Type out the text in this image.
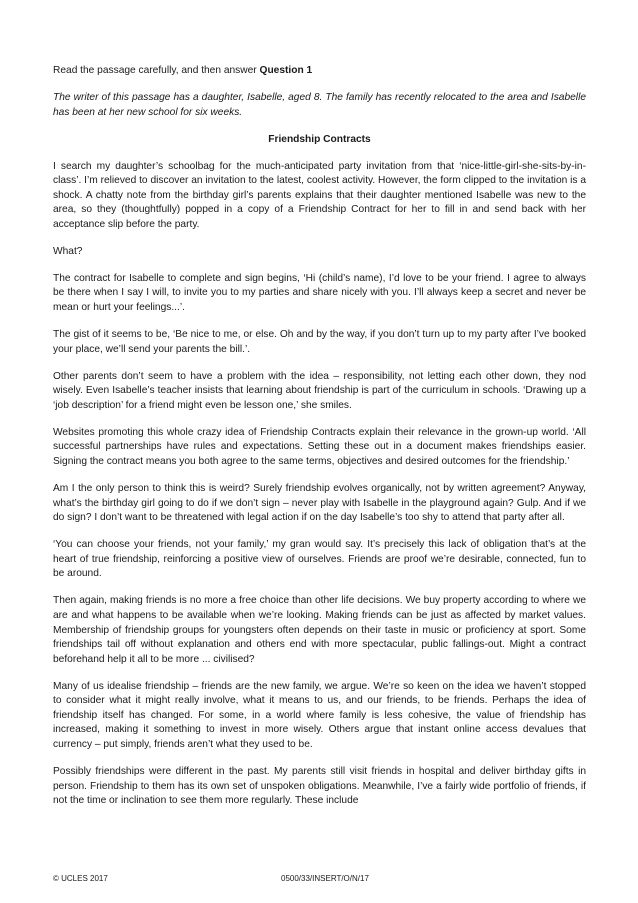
Read the passage carefully, and then answer Question 1

The writer of this passage has a daughter, Isabelle, aged 8. The family has recently relocated to the area and Isabelle has been at her new school for six weeks.

Friendship Contracts

I search my daughter’s schoolbag for the much-anticipated party invitation from that ‘nice-little-girl-she-sits-by-in-class’. I’m relieved to discover an invitation to the latest, coolest activity. However, the form clipped to the invitation is a shock. A chatty note from the birthday girl’s parents explains that their daughter mentioned Isabelle was new to the area, so they (thoughtfully) popped in a copy of a Friendship Contract for her to fill in and send back with her acceptance slip before the party.

What?

The contract for Isabelle to complete and sign begins, ‘Hi (child’s name), I’d love to be your friend. I agree to always be there when I say I will, to invite you to my parties and share nicely with you. I’ll always keep a secret and never be mean or hurt your feelings...’.

The gist of it seems to be, ‘Be nice to me, or else. Oh and by the way, if you don’t turn up to my party after I’ve booked your place, we’ll send your parents the bill.’.

Other parents don’t seem to have a problem with the idea – responsibility, not letting each other down, they nod wisely. Even Isabelle’s teacher insists that learning about friendship is part of the curriculum in schools. ‘Drawing up a ‘job description’ for a friend might even be lesson one,’ she smiles.

Websites promoting this whole crazy idea of Friendship Contracts explain their relevance in the grown-up world. ‘All successful partnerships have rules and expectations. Setting these out in a document makes friendships easier. Signing the contract means you both agree to the same terms, objectives and desired outcomes for the friendship.’

Am I the only person to think this is weird? Surely friendship evolves organically, not by written agreement? Anyway, what’s the birthday girl going to do if we don’t sign – never play with Isabelle in the playground again? Gulp. And if we do sign? I don’t want to be threatened with legal action if on the day Isabelle’s too shy to attend that party after all.

‘You can choose your friends, not your family,’ my gran would say. It’s precisely this lack of obligation that’s at the heart of true friendship, reinforcing a positive view of ourselves. Friends are proof we’re desirable, connected, fun to be around.

Then again, making friends is no more a free choice than other life decisions. We buy property according to where we are and what happens to be available when we’re looking. Making friends can be just as affected by market values. Membership of friendship groups for youngsters often depends on their taste in music or proficiency at sport. Some friendships tail off without explanation and others end with more spectacular, public fallings-out. Might a contract beforehand help it all to be more ... civilised?

Many of us idealise friendship – friends are the new family, we argue. We’re so keen on the idea we haven’t stopped to consider what it might really involve, what it means to us, and our friends, to be friends. Perhaps the idea of friendship itself has changed. For some, in a world where family is less cohesive, the value of friendship has increased, making it something to invest in more wisely. Others argue that instant online access devalues that currency – put simply, friends aren’t what they used to be.

Possibly friendships were different in the past. My parents still visit friends in hospital and deliver birthday gifts in person. Friendship to them has its own set of unspoken obligations. Meanwhile, I’ve a fairly wide portfolio of friends, if not the time or inclination to see them more regularly. These include

© UCLES 2017	0500/33/INSERT/O/N/17
